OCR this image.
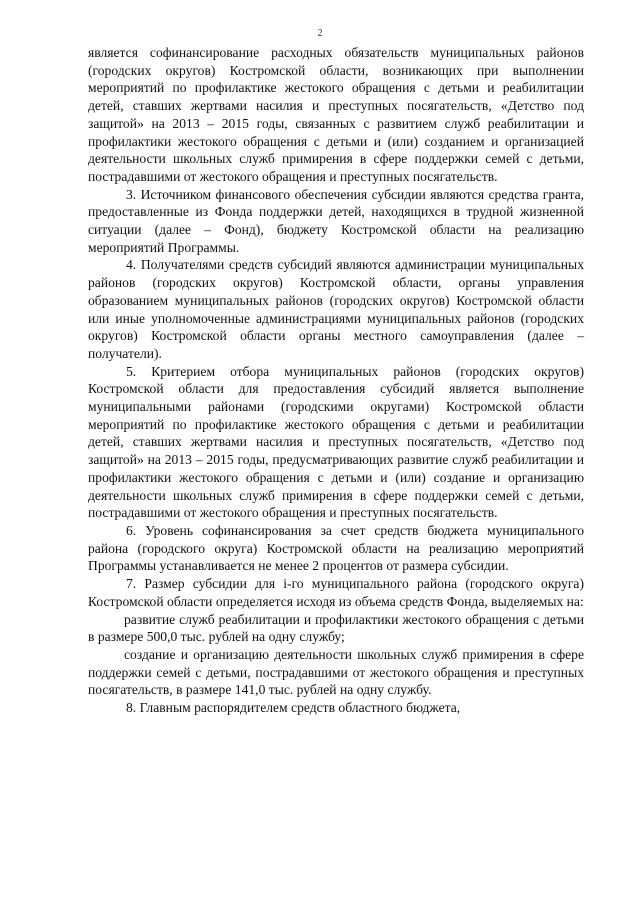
2

является софинансирование расходных обязательств муниципальных районов (городских округов) Костромской области, возникающих при выполнении мероприятий по профилактике жестокого обращения с детьми и реабилитации детей, ставших жертвами насилия и преступных посягательств, «Детство под защитой» на 2013 – 2015 годы, связанных с развитием служб реабилитации и профилактики жестокого обращения с детьми и (или) созданием и организацией деятельности школьных служб примирения в сфере поддержки семей с детьми, пострадавшими от жестокого обращения и преступных посягательств.

3. Источником финансового обеспечения субсидии являются средства гранта, предоставленные из Фонда поддержки детей, находящихся в трудной жизненной ситуации (далее – Фонд), бюджету Костромской области на реализацию мероприятий Программы.

4. Получателями средств субсидий являются администрации муниципальных районов (городских округов) Костромской области, органы управления образованием муниципальных районов (городских округов) Костромской области или иные уполномоченные администрациями муниципальных районов (городских округов) Костромской области органы местного самоуправления (далее – получатели).

5. Критерием отбора муниципальных районов (городских округов) Костромской области для предоставления субсидий является выполнение муниципальными районами (городскими округами) Костромской области мероприятий по профилактике жестокого обращения с детьми и реабилитации детей, ставших жертвами насилия и преступных посягательств, «Детство под защитой» на 2013 – 2015 годы, предусматривающих развитие служб реабилитации и профилактики жестокого обращения с детьми и (или) создание и организацию деятельности школьных служб примирения в сфере поддержки семей с детьми, пострадавшими от жестокого обращения и преступных посягательств.

6. Уровень софинансирования за счет средств бюджета муниципального района (городского округа) Костромской области на реализацию мероприятий Программы устанавливается не менее 2 процентов от размера субсидии.

7. Размер субсидии для i-го муниципального района (городского округа) Костромской области определяется исходя из объема средств Фонда, выделяемых на:

развитие служб реабилитации и профилактики жестокого обращения с детьми в размере 500,0 тыс. рублей на одну службу;

создание и организацию деятельности школьных служб примирения в сфере поддержки семей с детьми, пострадавшими от жестокого обращения и преступных посягательств, в размере 141,0 тыс. рублей на одну службу.

8. Главным распорядителем средств областного бюджета,
